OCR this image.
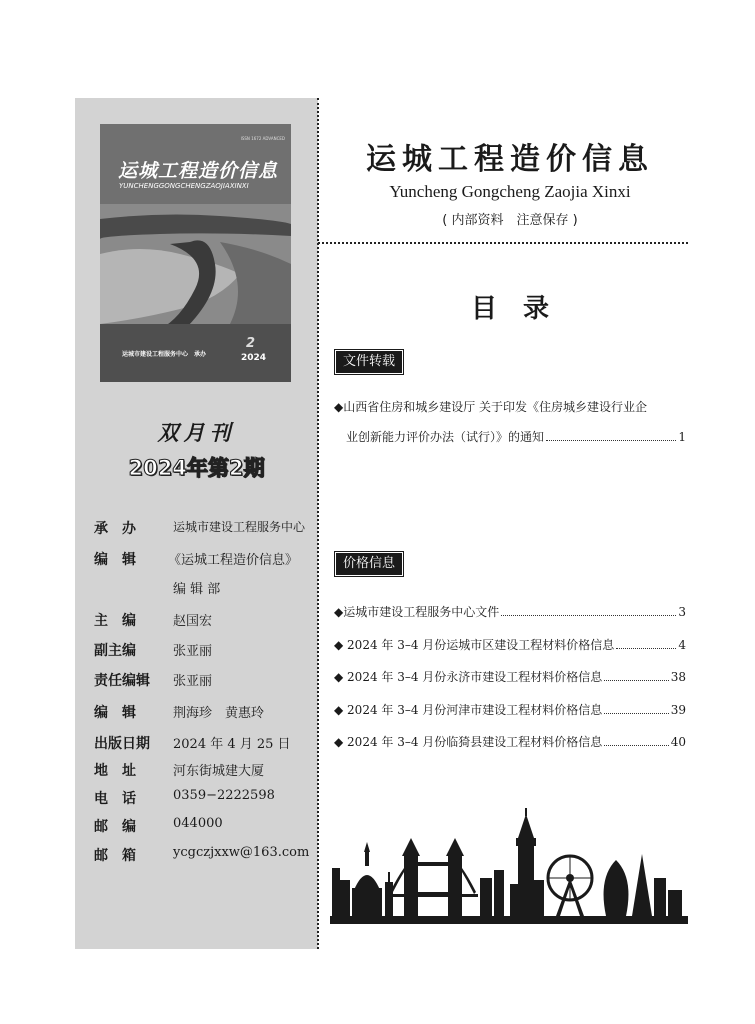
ISSN 1672 ADVANCED
运城工程造价信息
YUNCHENGGONGCHENGZAOJIAXINXI
运城市建设工程服务中心　承办
2
2024
双月刊
2024年第2期
承　办	运城市建设工程服务中心
编　辑	《运城工程造价信息》
编 辑 部
主　编	赵国宏
副主编	张亚丽
责任编辑	张亚丽
编　辑	荆海珍　黄惠玲
出版日期	2024 年 4 月 25 日
地　址	河东街城建大厦
电　话	0359−2222598
邮　编	044000
邮　箱	ycgczjxxw@163.com
运城工程造价信息
Yuncheng Gongcheng Zaojia Xinxi
( 内部资料　注意保存 )
目录
文件转载
◆山西省住房和城乡建设厅 关于印发《住房城乡建设行业企
业创新能力评价办法（试行）》的通知	1
价格信息
◆运城市建设工程服务中心文件	3
◆ 2024 年 3–4 月份运城市区建设工程材料价格信息	4
◆ 2024 年 3–4 月份永济市建设工程材料价格信息	38
◆ 2024 年 3–4 月份河津市建设工程材料价格信息	39
◆ 2024 年 3–4 月份临猗县建设工程材料价格信息	40
